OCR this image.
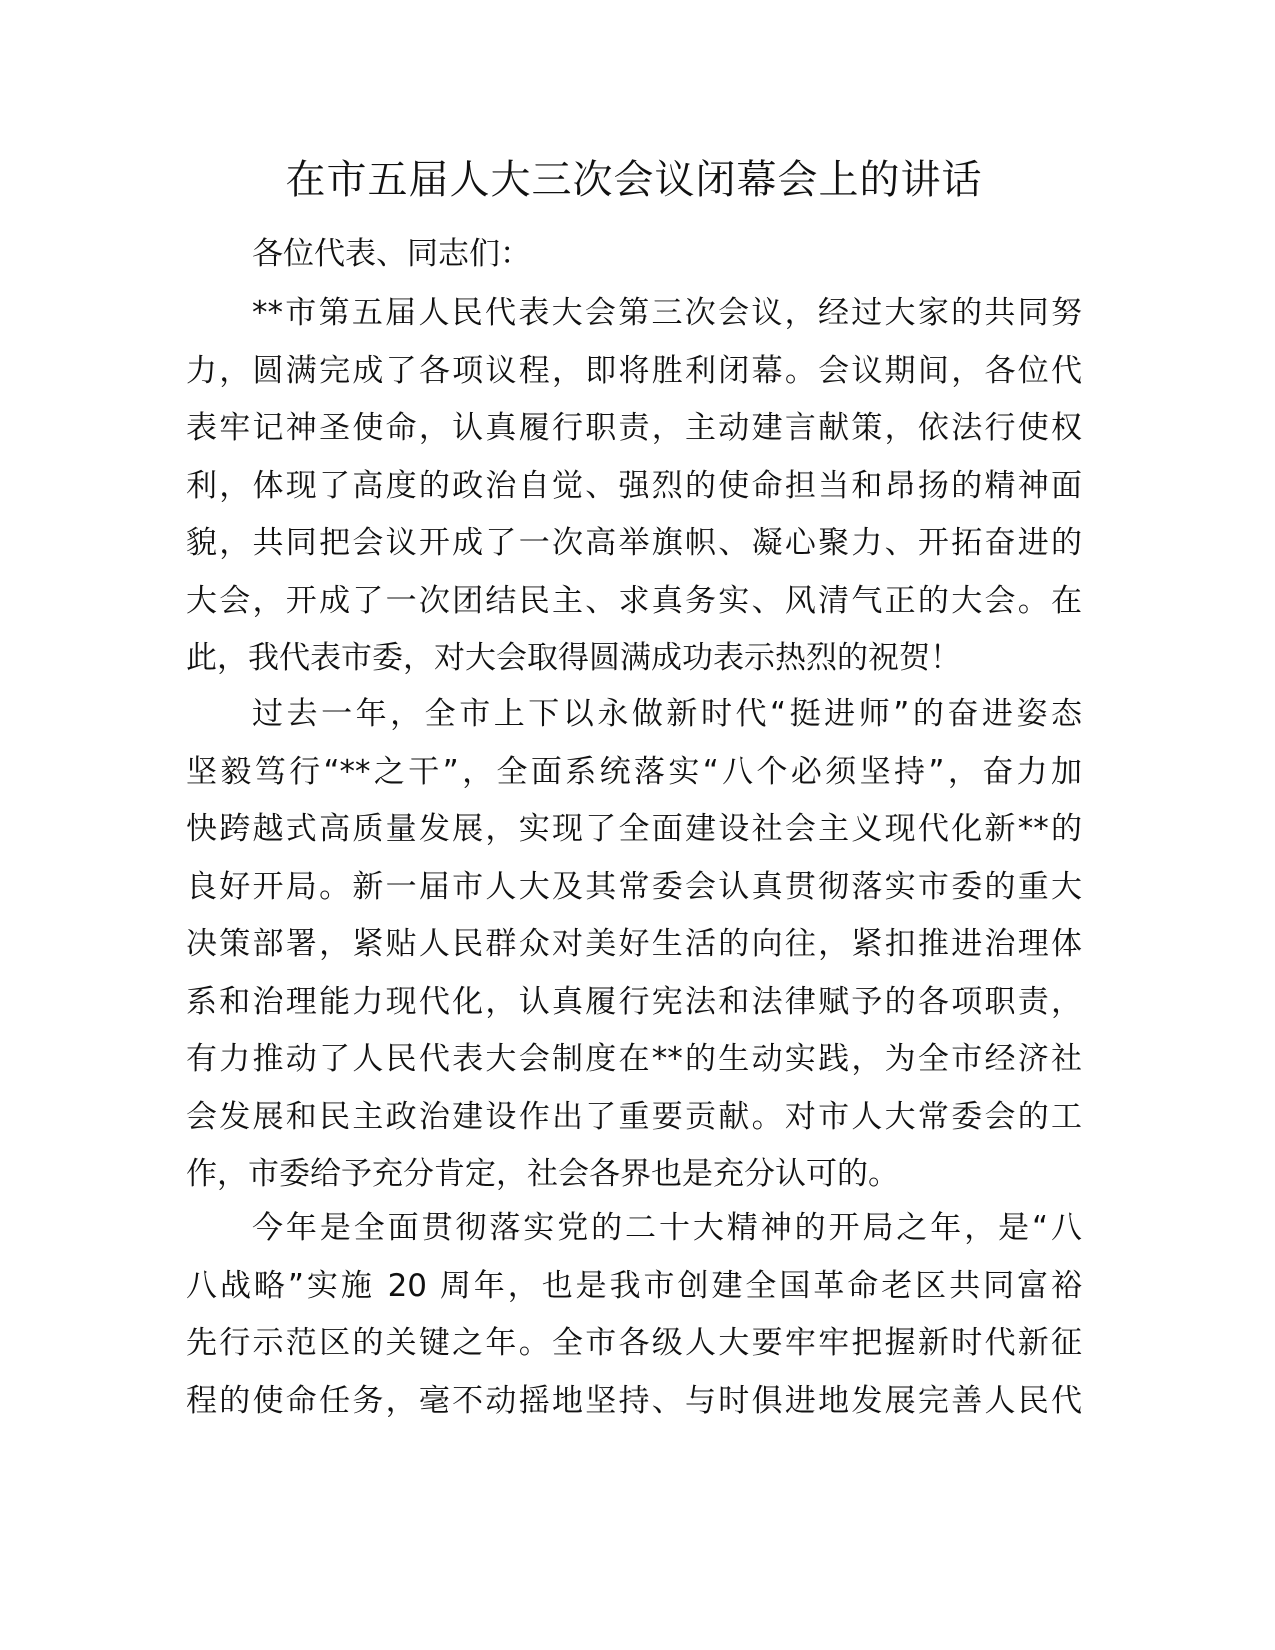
在市五届人大三次会议闭幕会上的讲话

各位代表、同志们：

**市第五届人民代表大会第三次会议，经过大家的共同努
力，圆满完成了各项议程，即将胜利闭幕。会议期间，各位代
表牢记神圣使命，认真履行职责，主动建言献策，依法行使权
利，体现了高度的政治自觉、强烈的使命担当和昂扬的精神面
貌，共同把会议开成了一次高举旗帜、凝心聚力、开拓奋进的
大会，开成了一次团结民主、求真务实、风清气正的大会。在
此，我代表市委，对大会取得圆满成功表示热烈的祝贺！
过去一年，全市上下以永做新时代“挺进师”的奋进姿态
坚毅笃行“**之干”，全面系统落实“八个必须坚持”，奋力加
快跨越式高质量发展，实现了全面建设社会主义现代化新**的
良好开局。新一届市人大及其常委会认真贯彻落实市委的重大
决策部署，紧贴人民群众对美好生活的向往，紧扣推进治理体
系和治理能力现代化，认真履行宪法和法律赋予的各项职责，
有力推动了人民代表大会制度在**的生动实践，为全市经济社
会发展和民主政治建设作出了重要贡献。对市人大常委会的工
作，市委给予充分肯定，社会各界也是充分认可的。
今年是全面贯彻落实党的二十大精神的开局之年，是“八
八战略”实施 20 周年，也是我市创建全国革命老区共同富裕
先行示范区的关键之年。全市各级人大要牢牢把握新时代新征
程的使命任务，毫不动摇地坚持、与时俱进地发展完善人民代
